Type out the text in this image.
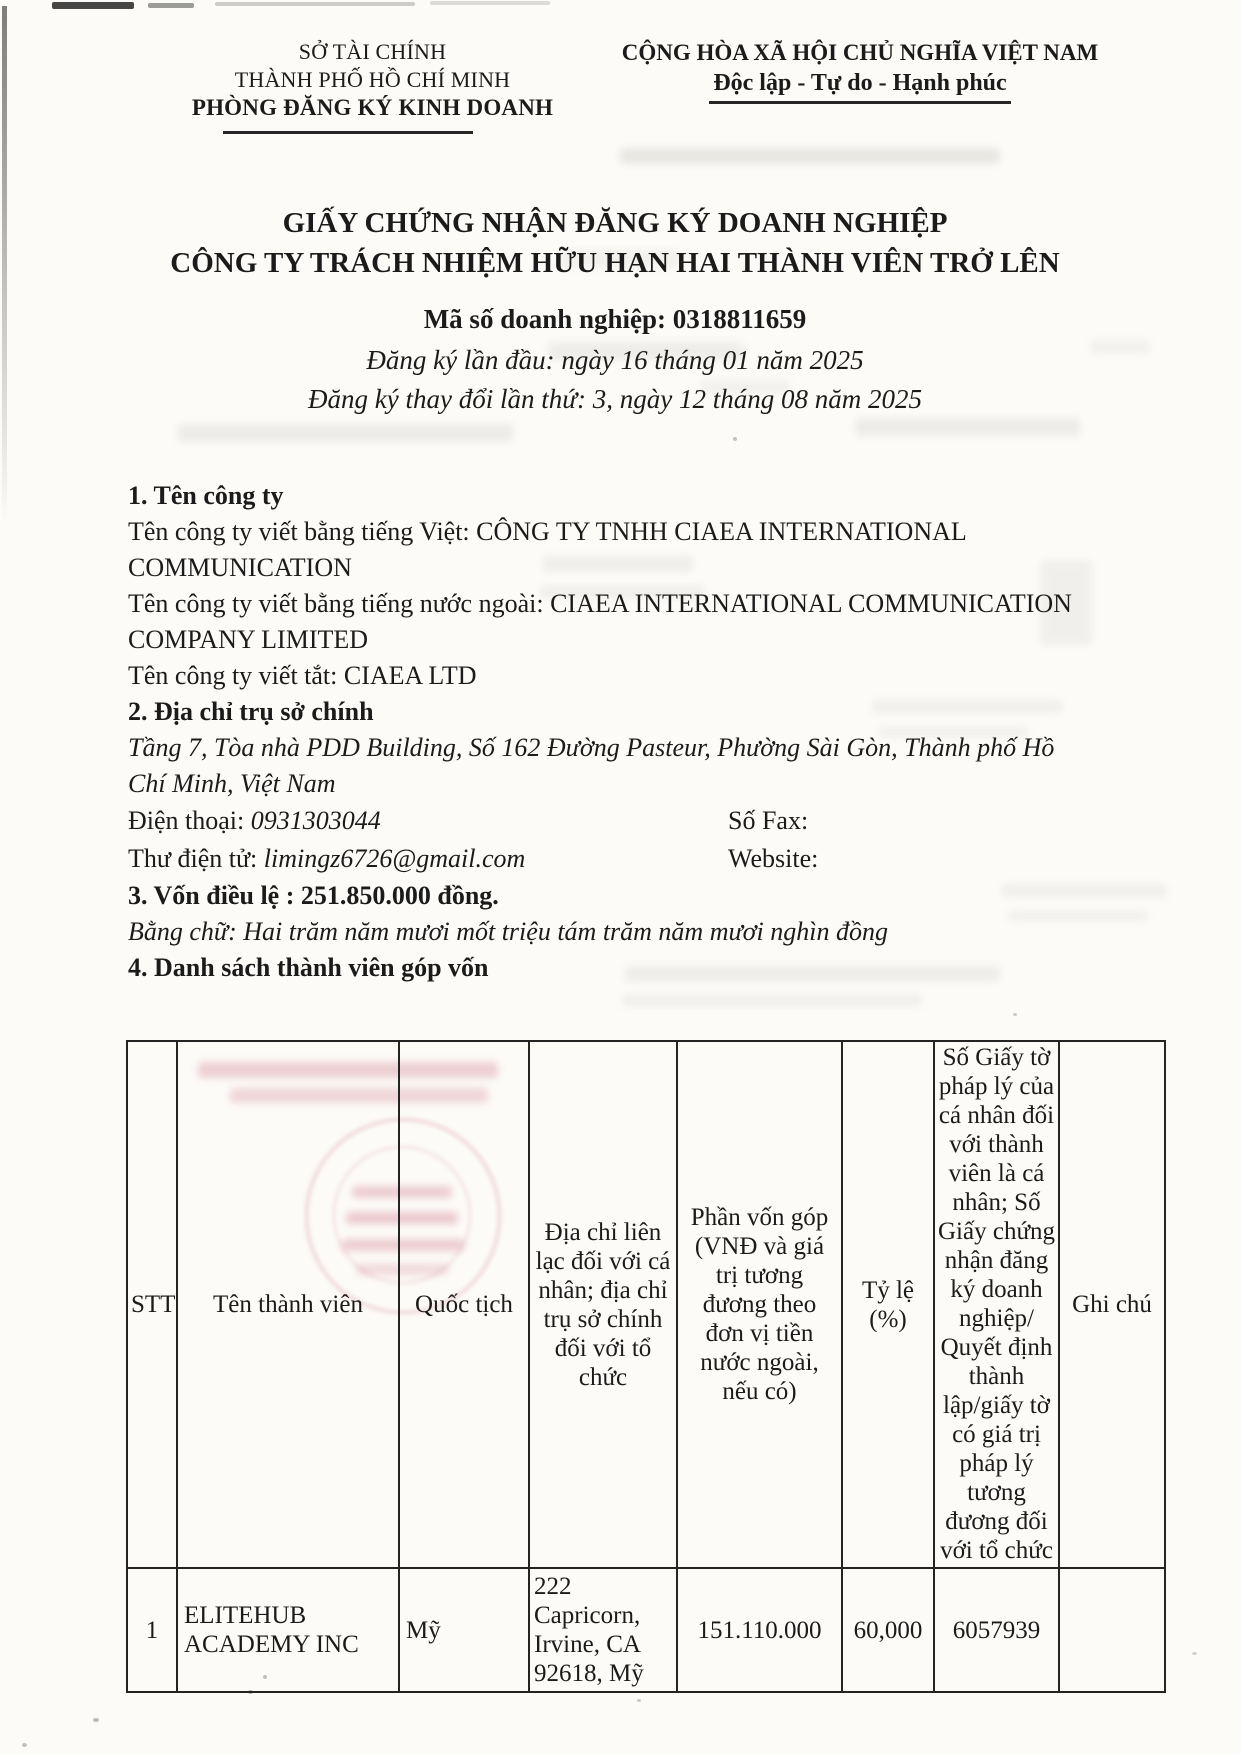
SỞ TÀI CHÍNH
THÀNH PHỐ HỒ CHÍ MINH
PHÒNG ĐĂNG KÝ KINH DOANH
CỘNG HÒA XÃ HỘI CHỦ NGHĨA VIỆT NAM
Độc lập - Tự do - Hạnh phúc
GIẤY CHỨNG NHẬN ĐĂNG KÝ DOANH NGHIỆP
CÔNG TY TRÁCH NHIỆM HỮU HẠN HAI THÀNH VIÊN TRỞ LÊN
Mã số doanh nghiệp: 0318811659
Đăng ký lần đầu: ngày 16 tháng 01 năm 2025
Đăng ký thay đổi lần thứ: 3, ngày 12 tháng 08 năm 2025

1. Tên công ty

Tên công ty viết bằng tiếng Việt: CÔNG TY TNHH CIAEA INTERNATIONAL COMMUNICATION

Tên công ty viết bằng tiếng nước ngoài: CIAEA INTERNATIONAL COMMUNICATION COMPANY LIMITED

Tên công ty viết tắt: CIAEA LTD

2. Địa chỉ trụ sở chính

Tầng 7, Tòa nhà PDD Building, Số 162 Đường Pasteur, Phường Sài Gòn, Thành phố Hồ Chí Minh, Việt Nam

Điện thoại: 0931303044	Số Fax:
Thư điện tử: limingz6726@gmail.com	Website:

3. Vốn điều lệ : 251.850.000 đồng.

Bằng chữ: Hai trăm năm mươi mốt triệu tám trăm năm mươi nghìn đồng

4. Danh sách thành viên góp vốn

STT	Tên thành viên	Quốc tịch	Địa chỉ liên lạc đối với cá nhân; địa chỉ trụ sở chính đối với tổ chức	Phần vốn góp (VNĐ và giá trị tương đương theo đơn vị tiền nước ngoài, nếu có)	Tỷ lệ (%)	Số Giấy tờ pháp lý của cá nhân đối với thành viên là cá nhân; Số Giấy chứng nhận đăng ký doanh nghiệp/ Quyết định thành lập/giấy tờ có giá trị pháp lý tương đương đối với tổ chức	Ghi chú
1	ELITEHUB ACADEMY INC	Mỹ	222 Capricorn, Irvine, CA 92618, Mỹ	151.110.000	60,000	6057939	
